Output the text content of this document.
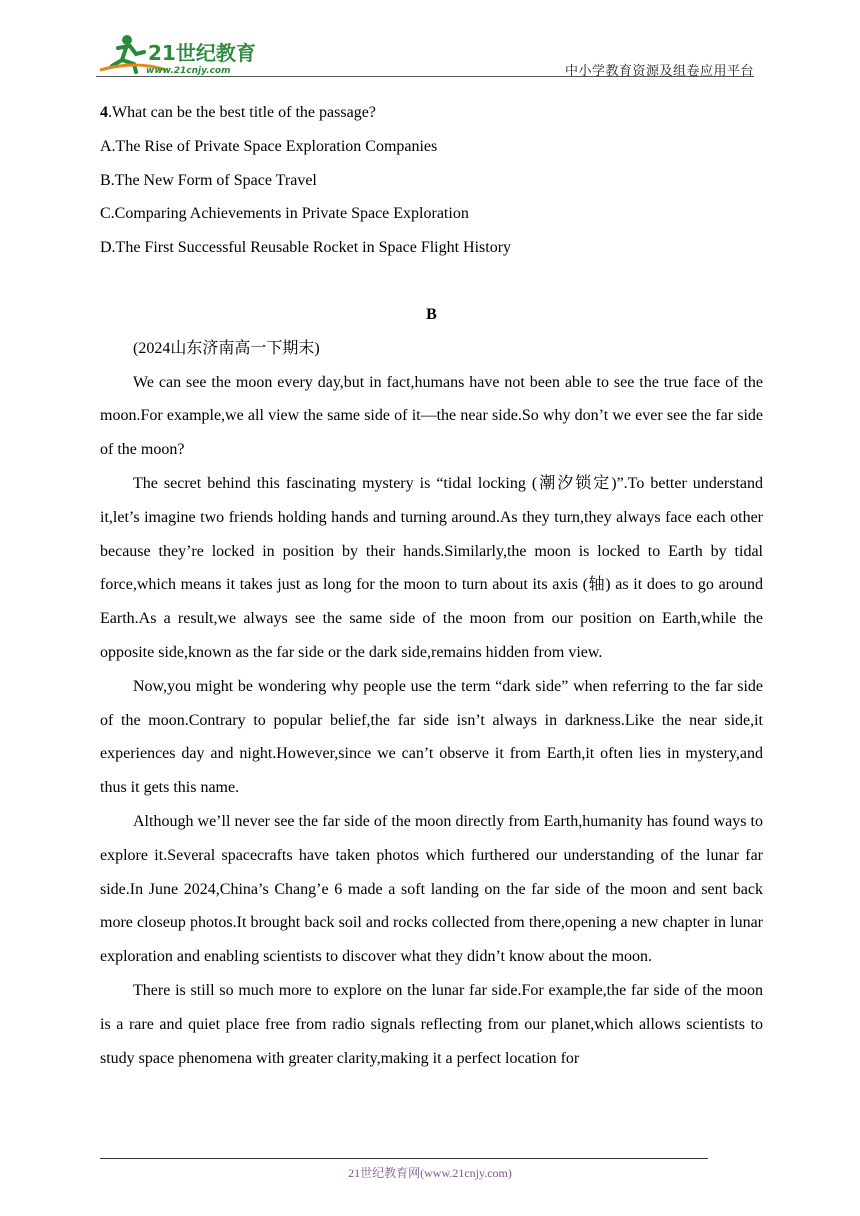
21世纪教育
www.21cnjy.com	中小学教育资源及组卷应用平台

4.What can be the best title of the passage?

A.The Rise of Private Space Exploration Companies

B.The New Form of Space Travel

C.Comparing Achievements in Private Space Exploration

D.The First Successful Reusable Rocket in Space Flight History

B

(2024山东济南高一下期末)

We can see the moon every day,but in fact,humans have not been able to see the true face of the moon.For example,we all view the same side of it—the near side.So why don’t we ever see the far side of the moon?

The secret behind this fascinating mystery is “tidal locking (潮汐锁定)”.To better understand it,let’s imagine two friends holding hands and turning around.As they turn,they always face each other because they’re locked in position by their hands.Similarly,the moon is locked to Earth by tidal force,which means it takes just as long for the moon to turn about its axis (轴) as it does to go around Earth.As a result,we always see the same side of the moon from our position on Earth,while the opposite side,known as the far side or the dark side,remains hidden from view.

Now,you might be wondering why people use the term “dark side” when referring to the far side of the moon.Contrary to popular belief,the far side isn’t always in darkness.Like the near side,it experiences day and night.However,since we can’t observe it from Earth,it often lies in mystery,and thus it gets this name.

Although we’ll never see the far side of the moon directly from Earth,humanity has found ways to explore it.Several spacecrafts have taken photos which furthered our understanding of the lunar far side.In June 2024,China’s Chang’e 6 made a soft landing on the far side of the moon and sent back more closeup photos.It brought back soil and rocks collected from there,opening a new chapter in lunar exploration and enabling scientists to discover what they didn’t know about the moon.

There is still so much more to explore on the lunar far side.For example,the far side of the moon is a rare and quiet place free from radio signals reflecting from our planet,which allows scientists to study space phenomena with greater clarity,making it a perfect location for

21世纪教育网(www.21cnjy.com)
